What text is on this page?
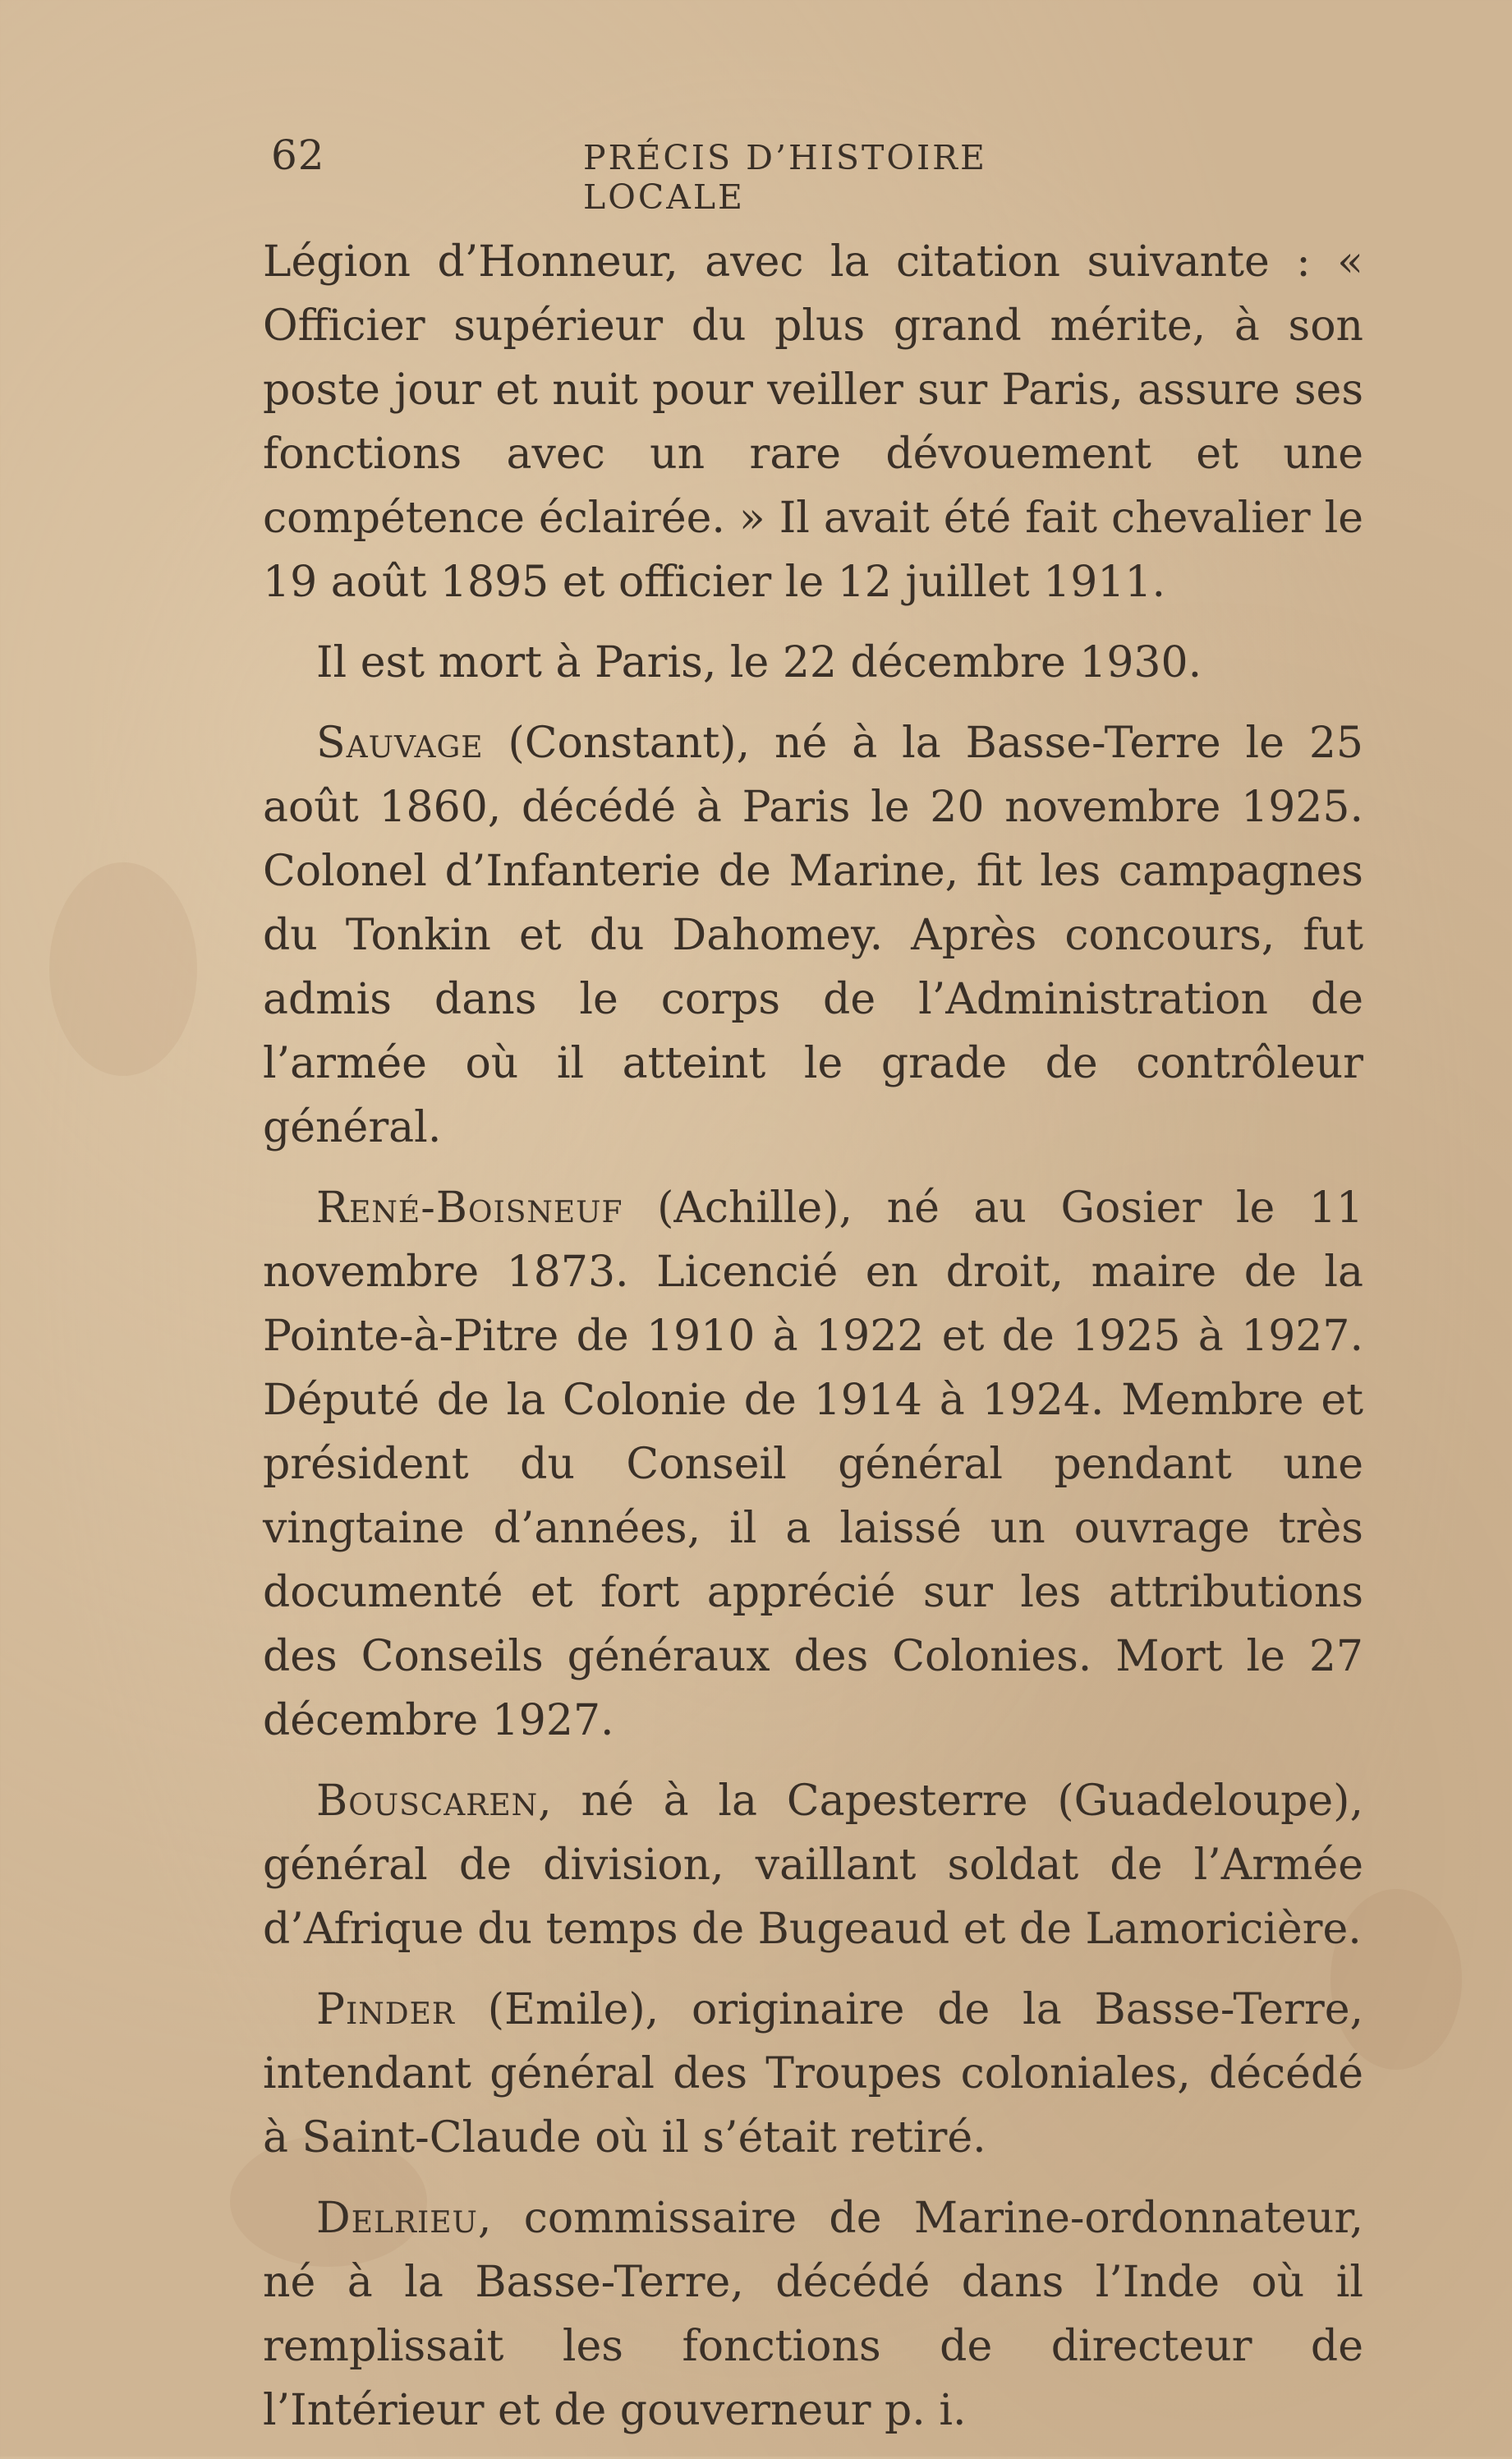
62	PRÉCIS D’HISTOIRE LOCALE

Légion d’Honneur, avec la citation suivante : « Officier supérieur du plus grand mérite, à son poste jour et nuit pour veiller sur Paris, assure ses fonctions avec un rare dévouement et une compétence éclairée. » Il avait été fait chevalier le 19 août 1895 et officier le 12 juillet 1911.

Il est mort à Paris, le 22 décembre 1930.

Sauvage (Constant), né à la Basse-Terre le 25 août 1860, décédé à Paris le 20 novembre 1925. Colonel d’Infanterie de Marine, fit les campagnes du Tonkin et du Dahomey. Après concours, fut admis dans le corps de l’Administration de l’armée où il atteint le grade de contrôleur général.

René-Boisneuf (Achille), né au Gosier le 11 novembre 1873. Licencié en droit, maire de la Pointe-à-Pitre de 1910 à 1922 et de 1925 à 1927. Député de la Colonie de 1914 à 1924. Membre et président du Conseil général pendant une vingtaine d’années, il a laissé un ouvrage très documenté et fort apprécié sur les attributions des Conseils généraux des Colonies. Mort le 27 décembre 1927.

Bouscaren, né à la Capesterre (Guadeloupe), général de division, vaillant soldat de l’Armée d’Afrique du temps de Bugeaud et de Lamoricière.

Pinder (Emile), originaire de la Basse-Terre, intendant général des Troupes coloniales, décédé à Saint-Claude où il s’était retiré.

Delrieu, commissaire de Marine-ordonnateur, né à la Basse-Terre, décédé dans l’Inde où il remplissait les fonctions de directeur de l’Intérieur et de gouverneur p. i.
